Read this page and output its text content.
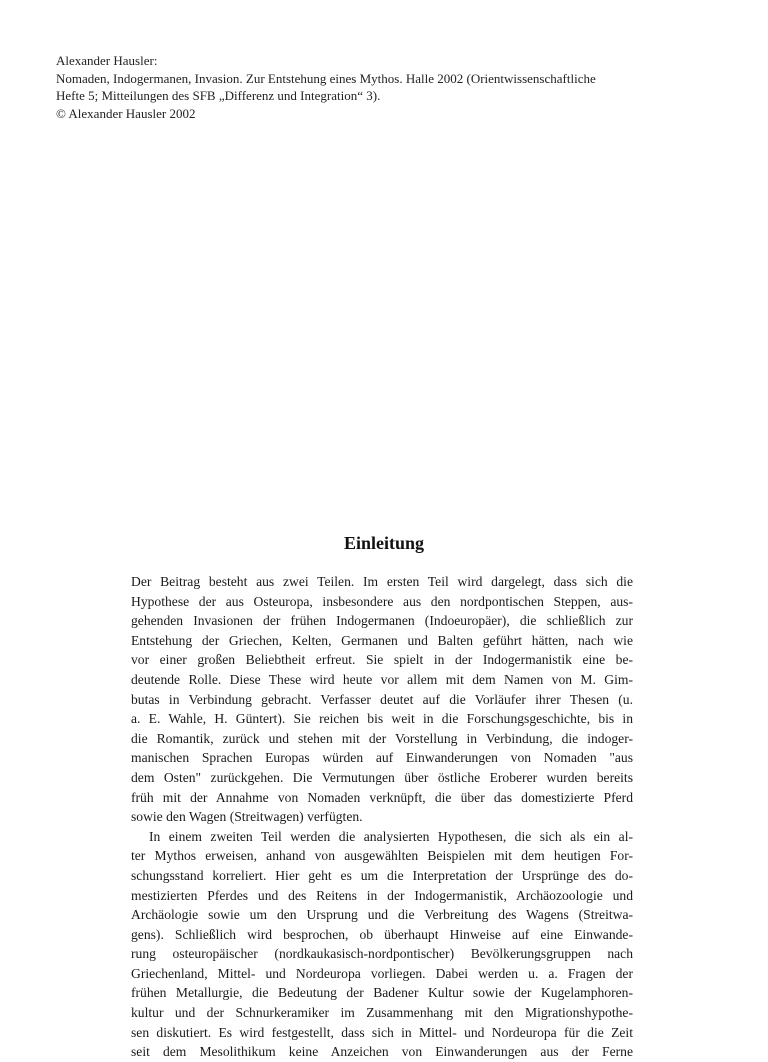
Alexander Hausler:
Nomaden, Indogermanen, Invasion. Zur Entstehung eines Mythos. Halle 2002 (Orientwissenschaftliche
Hefte 5; Mitteilungen des SFB „Differenz und Integration“ 3).
© Alexander Hausler 2002
Einleitung
Der Beitrag besteht aus zwei Teilen. Im ersten Teil wird dargelegt, dass sich die
Hypothese der aus Osteuropa, insbesondere aus den nordpontischen Steppen, aus-
gehenden Invasionen der frühen Indogermanen (Indoeuropäer), die schließlich zur
Entstehung der Griechen, Kelten, Germanen und Balten geführt hätten, nach wie
vor einer großen Beliebtheit erfreut. Sie spielt in der Indogermanistik eine be-
deutende Rolle. Diese These wird heute vor allem mit dem Namen von M. Gim-
butas in Verbindung gebracht. Verfasser deutet auf die Vorläufer ihrer Thesen (u.
a. E. Wahle, H. Güntert). Sie reichen bis weit in die Forschungsgeschichte, bis in
die Romantik, zurück und stehen mit der Vorstellung in Verbindung, die indoger-
manischen Sprachen Europas würden auf Einwanderungen von Nomaden "aus
dem Osten" zurückgehen. Die Vermutungen über östliche Eroberer wurden bereits
früh mit der Annahme von Nomaden verknüpft, die über das domestizierte Pferd
sowie den Wagen (Streitwagen) verfügten.
In einem zweiten Teil werden die analysierten Hypothesen, die sich als ein al-
ter Mythos erweisen, anhand von ausgewählten Beispielen mit dem heutigen For-
schungsstand korreliert. Hier geht es um die Interpretation der Ursprünge des do-
mestizierten Pferdes und des Reitens in der Indogermanistik, Archäozoologie und
Archäologie sowie um den Ursprung und die Verbreitung des Wagens (Streitwa-
gens). Schließlich wird besprochen, ob überhaupt Hinweise auf eine Einwande-
rung osteuropäischer (nordkaukasisch-nordpontischer) Bevölkerungsgruppen nach
Griechenland, Mittel- und Nordeuropa vorliegen. Dabei werden u. a. Fragen der
frühen Metallurgie, die Bedeutung der Badener Kultur sowie der Kugelamphoren-
kultur und der Schnurkeramiker im Zusammenhang mit den Migrationshypothe-
sen diskutiert. Es wird festgestellt, dass sich in Mittel- und Nordeuropa für die Zeit
seit dem Mesolithikum keine Anzeichen von Einwanderungen aus der Ferne
